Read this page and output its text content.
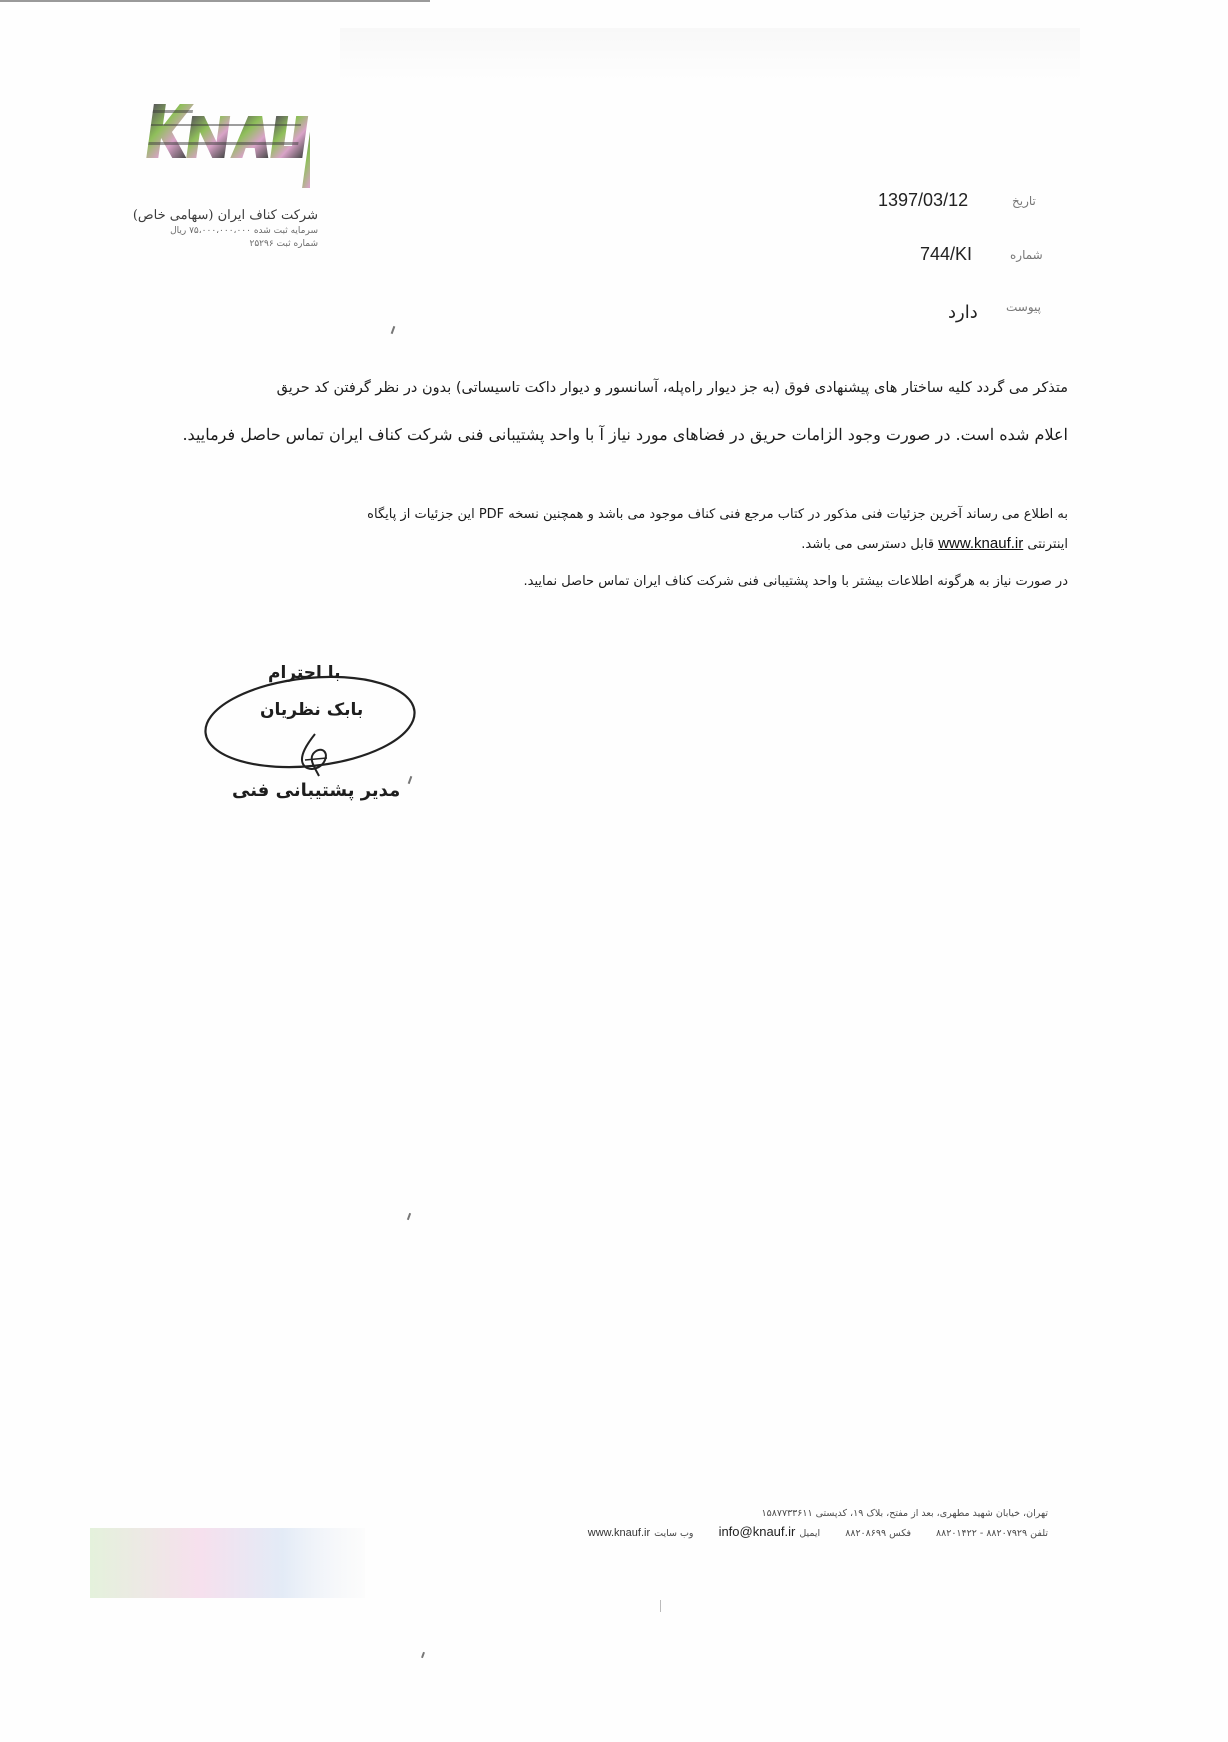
شرکت کناف ایران (سهامی خاص)
سرمایه ثبت شده ۷۵،۰۰۰،۰۰۰،۰۰۰ ریال
شماره ثبت ۲۵۲۹۶
تاریخ
1397/03/12
شماره
744/KI
پیوست
دارد
متذکر می گردد کلیه ساختار های پیشنهادی فوق (به جز دیوار راه‌پله، آسانسور و دیوار داکت تاسیساتی) بدون در نظر گرفتن کد حریق
اعلام شده است. در صورت وجود الزامات حریق در فضاهای مورد نیاز آ با واحد پشتیبانی فنی شرکت کناف ایران تماس حاصل فرمایید.
به اطلاع می رساند آخرین جزئیات فنی مذکور در کتاب مرجع فنی کناف موجود می باشد و همچنین نسخه PDF این جزئیات از پایگاه
اینترنتی www.knauf.ir قابل دسترسی می باشد.
در صورت نیاز به هرگونه اطلاعات بیشتر با واحد پشتیبانی فنی شرکت کناف ایران تماس حاصل نمایید.
با احترام
بابک نظریان
مدیر پشتیبانی فنی
تهران، خیابان شهید مطهری، بعد از مفتح، بلاک ۱۹، کدپستی ۱۵۸۷۷۳۳۶۱۱
تلفن ۸۸۲۰۷۹۲۹ - ۸۸۲۰۱۴۲۲ فکس ۸۸۲۰۸۶۹۹ ایمیلinfo@knauf.ir وب سایتwww.knauf.ir
